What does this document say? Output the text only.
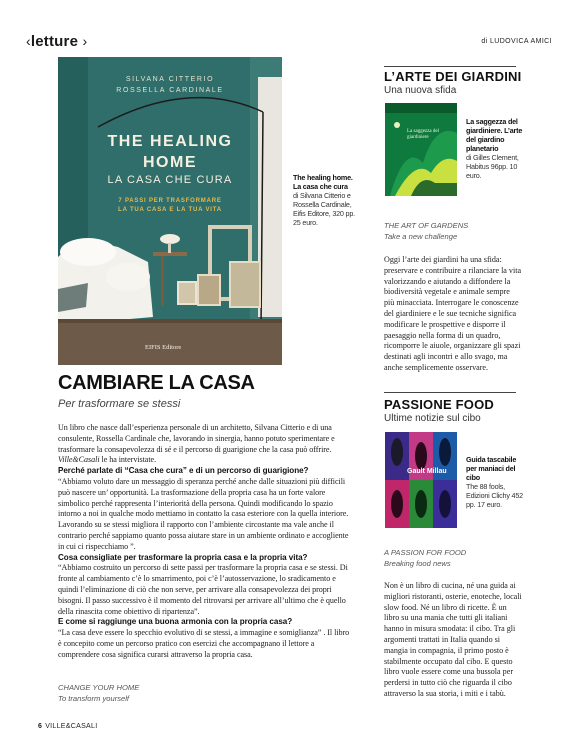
‹letture ›	di LUDOVICA AMICI
SILVANA CITTERIO
ROSSELLA CARDINALE
THE HEALING
HOME
LA CASA CHE CURA
7 PASSI PER TRASFORMARE
LA TUA CASA E LA TUA VITA
EIFIS Editore
The healing home. La casa che cura
di Silvana Citterio e Rossella Cardinale, Eifis Editore, 320 pp. 25 euro.
CAMBIARE LA CASA
Per trasformare se stessi

Un libro che nasce dall’esperienza personale di un architetto, Silvana Citterio e di una consulente, Rossella Cardinale che, lavorando in sinergia, hanno potuto sperimentare e trasformare la consapevolezza di sé e il percorso di guarigione che la casa può offrire. Ville&Casali le ha intervistate.

Perché parlate di “Casa che cura” e di un percorso di guarigione?

“Abbiamo voluto dare un messaggio di speranza perché anche dalle situazioni più difficili può nascere un’ opportunità. La trasformazione della propria casa ha un forte valore simbolico perché rappresenta l’interiorità della persona. Quindi modificando lo spazio intorno a noi in qualche modo mettiamo in contatto la casa esteriore con la quella interiore. Lavorando su se stessi migliora il rapporto con l’ambiente circostante ma vale anche il contrario perché sappiamo quanto possa aiutare stare in un ambiente ordinato e accogliente in cui ci rispecchiamo ”.

Cosa consigliate per trasformare la propria casa e la propria vita?

“Abbiamo costruito un percorso di sette passi per trasformare la propria casa e se stessi. Di fronte al cambiamento c’è lo smarrimento, poi c’è l’autosservazione, lo sradicamento e quindi l’eliminazione di ciò che non serve, per arrivare alla consapevolezza dei propri bisogni. Il passo successivo è il momento del ritrovarsi per arrivare all’ultimo che è quello della rinascita come obiettivo di ripartenza”.

E come si raggiunge una buona armonia con la propria casa?

“La casa deve essere lo specchio evolutivo di se stessi, a immagine e somiglianza” . Il libro è concepito come un percorso pratico con esercizi che accompagnano il lettore a comprendere cosa significa curarsi attraverso la propria casa.

CHANGE YOUR HOME
To transform yourself
L’ARTE DEI GIARDINI
Una nuova sfida
La saggezza del giardiniere
La saggezza del giardiniere. L’arte del giardino planetario
di Gilles Clement, Habitus 96pp. 10 euro.
THE ART OF GARDENS
Take a new challenge
Oggi l’arte dei giardini ha una sfida: preservare e contribuire a rilanciare la vita valorizzando e aiutando a diffondere la biodiversità vegetale e animale sempre più minacciata. Interrogare le conoscenze del giardiniere e le sue tecniche significa modificare le prospettive e disporre il paesaggio nella forma di un quadro, ricomporre le aiuole, organizzare gli spazi destinati agli incontri e allo svago, ma anche semplicemente osservare.
PASSIONE FOOD
Ultime notizie sul cibo
Gault Millau
Guida tascabile per maniaci del cibo
The 88 fools, Edizioni Clichy 452 pp. 17 euro.
A PASSION FOR FOOD
Breaking food news
Non è un libro di cucina, né una guida ai migliori ristoranti, osterie, enoteche, locali slow food. Né un libro di ricette. È un libro su una mania che tutti gli italiani hanno in misura smodata: il cibo. Tra gli argomenti trattati in Italia quando si mangia in compagnia, il primo posto è stabilmente occupato dal cibo. E questo libro vuole essere come una bussola per perdersi in tutto ciò che riguarda il cibo attraverso la sua storia, i miti e i tabù.
6 VILLE&CASALI
